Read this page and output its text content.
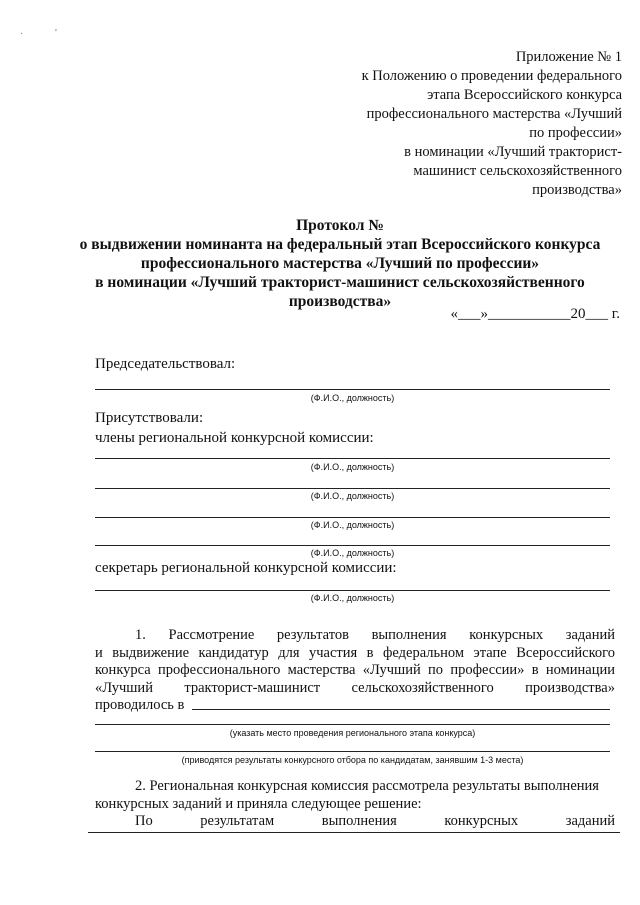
·	'
Приложение № 1
к Положению о проведении федерального
этапа Всероссийского конкурса
профессионального мастерства «Лучший
по профессии»
в номинации «Лучший тракторист-
машинист сельскохозяйственного
производства»
Протокол №
о выдвижении номинанта на федеральный этап Всероссийского конкурса
профессионального мастерства «Лучший по профессии»
в номинации «Лучший тракторист-машинист сельскохозяйственного
производства»
«___»___________20___ г.
Председательствовал:
(Ф.И.О., должность)
Присутствовали:
члены региональной конкурсной комиссии:
(Ф.И.О., должность)
(Ф.И.О., должность)
(Ф.И.О., должность)
(Ф.И.О., должность)
секретарь региональной конкурсной комиссии:
(Ф.И.О., должность)
1. Рассмотрение результатов выполнения конкурсных заданий
и выдвижение кандидатур для участия в федеральном этапе Всероссийского
конкурса профессионального мастерства «Лучший по профессии» в номинации
«Лучший тракторист-машинист сельскохозяйственного производства»
проводилось в
(указать место проведения регионального этапа конкурса)
(приводятся результаты конкурсного отбора по кандидатам, занявшим 1-3 места)
2. Региональная конкурсная комиссия рассмотрела результаты выполнения
конкурсных заданий и приняла следующее решение:
По результатам выполнения конкурсных заданий
